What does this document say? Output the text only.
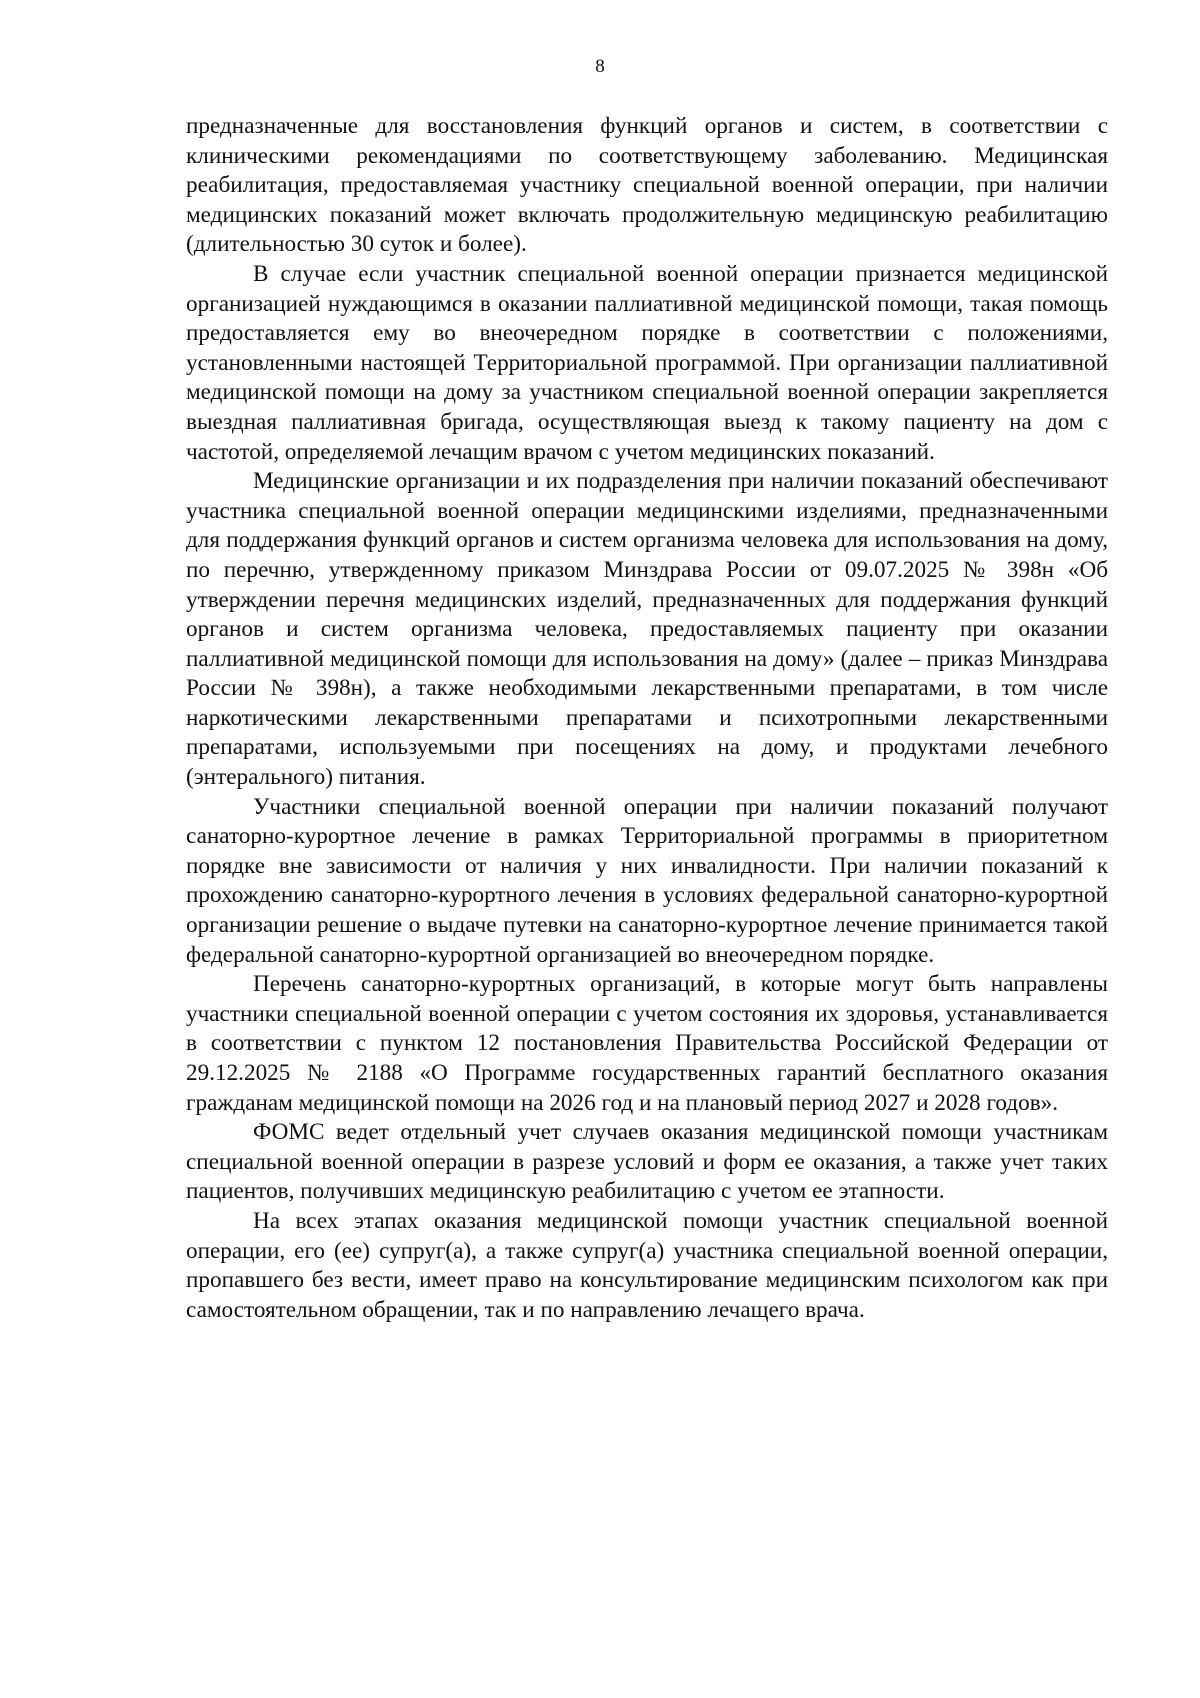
8

предназначенные для восстановления функций органов и систем, в соответствии с клиническими рекомендациями по соответствующему заболеванию. Медицинская реабилитация, предоставляемая участнику специальной военной операции, при наличии медицинских показаний может включать продолжительную медицинскую реабилитацию (длительностью 30 суток и более).

В случае если участник специальной военной операции признается медицинской организацией нуждающимся в оказании паллиативной медицинской помощи, такая помощь предоставляется ему во внеочередном порядке в соответствии с положениями, установленными настоящей Территориальной программой. При организации паллиативной медицинской помощи на дому за участником специальной военной операции закрепляется выездная паллиативная бригада, осуществляющая выезд к такому пациенту на дом с частотой, определяемой лечащим врачом с учетом медицинских показаний.

Медицинские организации и их подразделения при наличии показаний обеспечивают участника специальной военной операции медицинскими изделиями, предназначенными для поддержания функций органов и систем организма человека для использования на дому, по перечню, утвержденному приказом Минздрава России от 09.07.2025 № 398н «Об утверждении перечня медицинских изделий, предназначенных для поддержания функций органов и систем организма человека, предоставляемых пациенту при оказании паллиативной медицинской помощи для использования на дому» (далее – приказ Минздрава России № 398н), а также необходимыми лекарственными препаратами, в том числе наркотическими лекарственными препаратами и психотропными лекарственными препаратами, используемыми при посещениях на дому, и продуктами лечебного (энтерального) питания.

Участники специальной военной операции при наличии показаний получают санаторно-курортное лечение в рамках Территориальной программы в приоритетном порядке вне зависимости от наличия у них инвалидности. При наличии показаний к прохождению санаторно-курортного лечения в условиях федеральной санаторно-курортной организации решение о выдаче путевки на санаторно-курортное лечение принимается такой федеральной санаторно-курортной организацией во внеочередном порядке.

Перечень санаторно-курортных организаций, в которые могут быть направлены участники специальной военной операции с учетом состояния их здоровья, устанавливается в соответствии с пунктом 12 постановления Правительства Российской Федерации от 29.12.2025 № 2188 «О Программе государственных гарантий бесплатного оказания гражданам медицинской помощи на 2026 год и на плановый период 2027 и 2028 годов».

ФОМС ведет отдельный учет случаев оказания медицинской помощи участникам специальной военной операции в разрезе условий и форм ее оказания, а также учет таких пациентов, получивших медицинскую реабилитацию с учетом ее этапности.

На всех этапах оказания медицинской помощи участник специальной военной операции, его (ее) супруг(а), а также супруг(а) участника специальной военной операции, пропавшего без вести, имеет право на консультирование медицинским психологом как при самостоятельном обращении, так и по направлению лечащего врача.
